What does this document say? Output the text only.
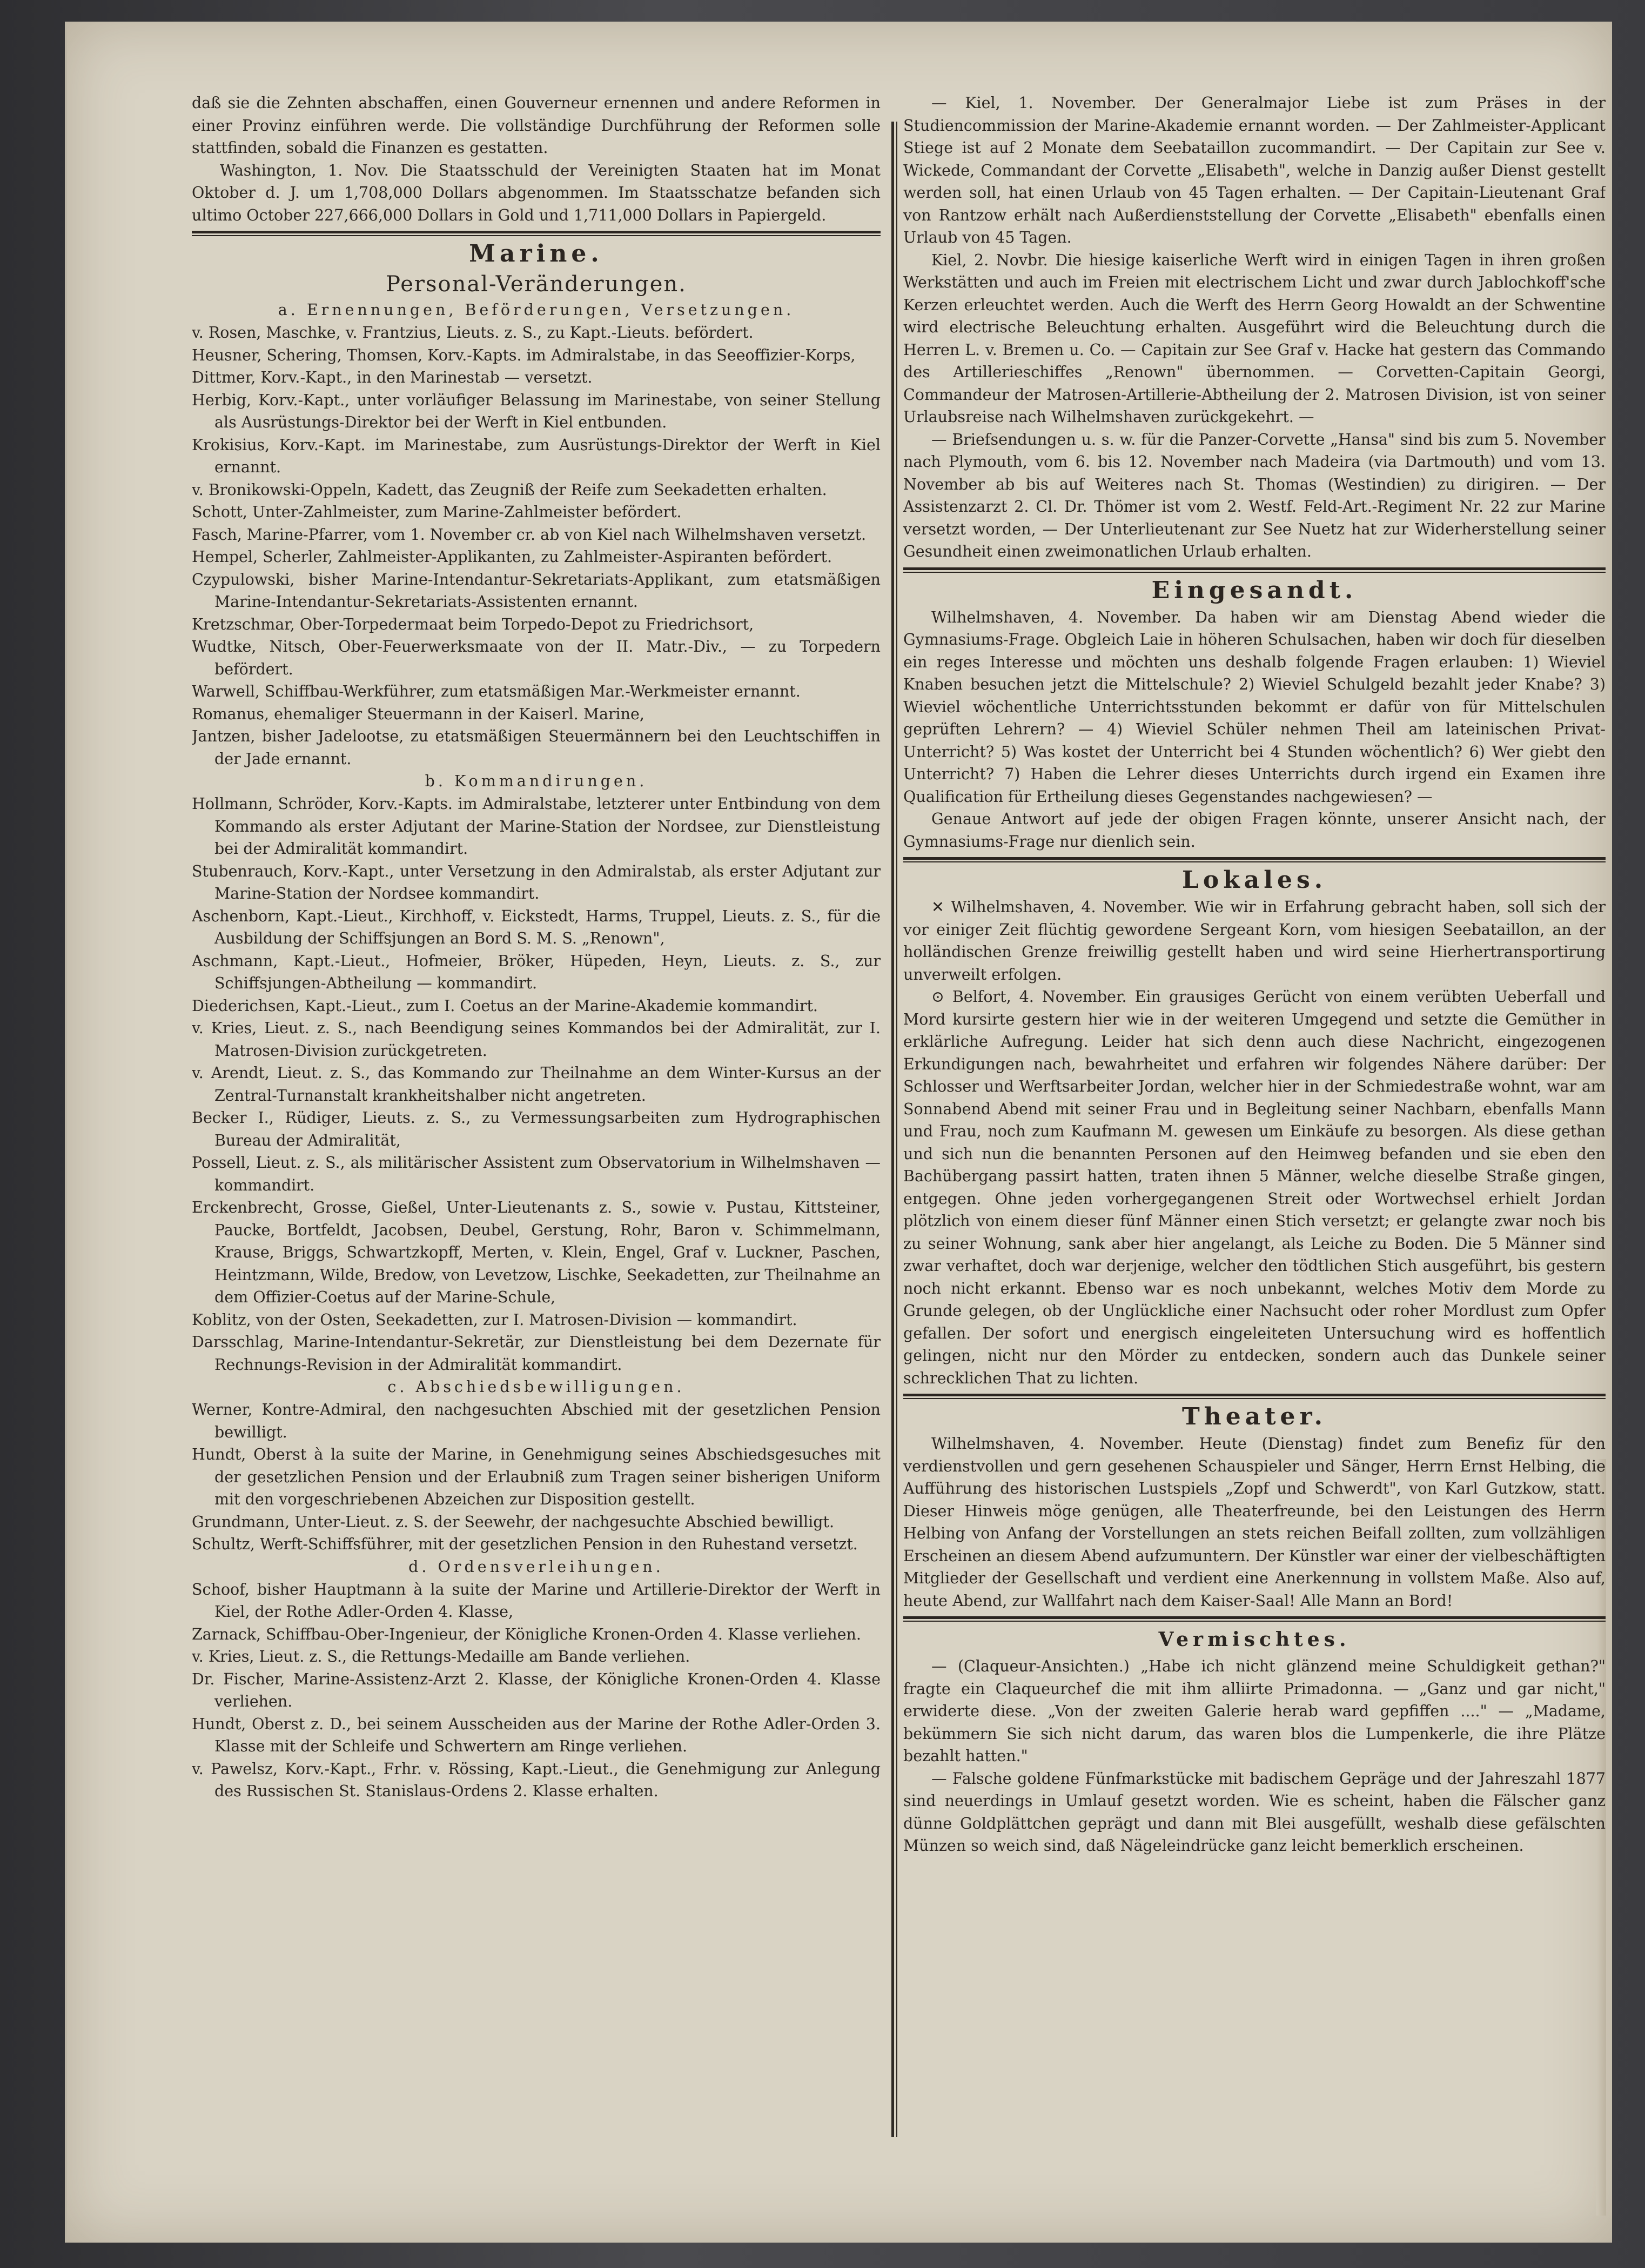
daß sie die Zehnten abschaffen, einen Gouverneur ernennen und andere Reformen in einer Provinz einführen werde. Die vollständige Durchführung der Reformen solle stattfinden, sobald die Finanzen es gestatten.

Washington, 1. Nov. Die Staatsschuld der Vereinigten Staaten hat im Monat Oktober d. J. um 1,708,000 Dollars abgenommen. Im Staatsschatze befanden sich ultimo October 227,666,000 Dollars in Gold und 1,711,000 Dollars in Papiergeld.

Marine.
Personal-Veränderungen.

a. Ernennungen, Beförderungen, Versetzungen.

v. Rosen, Maschke, v. Frantzius, Lieuts. z. S., zu Kapt.-Lieuts. befördert.

Heusner, Schering, Thomsen, Korv.-Kapts. im Admiralstabe, in das Seeoffizier-Korps,

Dittmer, Korv.-Kapt., in den Marinestab — versetzt.

Herbig, Korv.-Kapt., unter vorläufiger Belassung im Marinestabe, von seiner Stellung als Ausrüstungs-Direktor bei der Werft in Kiel entbunden.

Krokisius, Korv.-Kapt. im Marinestabe, zum Ausrüstungs-Direktor der Werft in Kiel ernannt.

v. Bronikowski-Oppeln, Kadett, das Zeugniß der Reife zum Seekadetten erhalten.

Schott, Unter-Zahlmeister, zum Marine-Zahlmeister befördert.

Fasch, Marine-Pfarrer, vom 1. November cr. ab von Kiel nach Wilhelmshaven versetzt.

Hempel, Scherler, Zahlmeister-Applikanten, zu Zahlmeister-Aspiranten befördert.

Czypulowski, bisher Marine-Intendantur-Sekretariats-Applikant, zum etatsmäßigen Marine-Intendantur-Sekretariats-Assistenten ernannt.

Kretzschmar, Ober-Torpedermaat beim Torpedo-Depot zu Friedrichsort,

Wudtke, Nitsch, Ober-Feuerwerksmaate von der II. Matr.-Div., — zu Torpedern befördert.

Warwell, Schiffbau-Werkführer, zum etatsmäßigen Mar.-Werkmeister ernannt.

Romanus, ehemaliger Steuermann in der Kaiserl. Marine,

Jantzen, bisher Jadelootse, zu etatsmäßigen Steuermännern bei den Leuchtschiffen in der Jade ernannt.

b. Kommandirungen.

Hollmann, Schröder, Korv.-Kapts. im Admiralstabe, letzterer unter Entbindung von dem Kommando als erster Adjutant der Marine-Station der Nordsee, zur Dienstleistung bei der Admiralität kommandirt.

Stubenrauch, Korv.-Kapt., unter Versetzung in den Admiralstab, als erster Adjutant zur Marine-Station der Nordsee kommandirt.

Aschenborn, Kapt.-Lieut., Kirchhoff, v. Eickstedt, Harms, Truppel, Lieuts. z. S., für die Ausbildung der Schiffsjungen an Bord S. M. S. „Renown",

Aschmann, Kapt.-Lieut., Hofmeier, Bröker, Hüpeden, Heyn, Lieuts. z. S., zur Schiffsjungen-Abtheilung — kommandirt.

Diederichsen, Kapt.-Lieut., zum I. Coetus an der Marine-Akademie kommandirt.

v. Kries, Lieut. z. S., nach Beendigung seines Kommandos bei der Admiralität, zur I. Matrosen-Division zurückgetreten.

v. Arendt, Lieut. z. S., das Kommando zur Theilnahme an dem Winter-Kursus an der Zentral-Turnanstalt krankheitshalber nicht angetreten.

Becker I., Rüdiger, Lieuts. z. S., zu Vermessungsarbeiten zum Hydrographischen Bureau der Admiralität,

Possell, Lieut. z. S., als militärischer Assistent zum Observatorium in Wilhelmshaven — kommandirt.

Erckenbrecht, Grosse, Gießel, Unter-Lieutenants z. S., sowie v. Pustau, Kittsteiner, Paucke, Bortfeldt, Jacobsen, Deubel, Gerstung, Rohr, Baron v. Schimmelmann, Krause, Briggs, Schwartzkopff, Merten, v. Klein, Engel, Graf v. Luckner, Paschen, Heintzmann, Wilde, Bredow, von Levetzow, Lischke, Seekadetten, zur Theilnahme an dem Offizier-Coetus auf der Marine-Schule,

Koblitz, von der Osten, Seekadetten, zur I. Matrosen-Division — kommandirt.

Darsschlag, Marine-Intendantur-Sekretär, zur Dienstleistung bei dem Dezernate für Rechnungs-Revision in der Admiralität kommandirt.

c. Abschiedsbewilligungen.

Werner, Kontre-Admiral, den nachgesuchten Abschied mit der gesetzlichen Pension bewilligt.

Hundt, Oberst à la suite der Marine, in Genehmigung seines Abschiedsgesuches mit der gesetzlichen Pension und der Erlaubniß zum Tragen seiner bisherigen Uniform mit den vorgeschriebenen Abzeichen zur Disposition gestellt.

Grundmann, Unter-Lieut. z. S. der Seewehr, der nachgesuchte Abschied bewilligt.

Schultz, Werft-Schiffsführer, mit der gesetzlichen Pension in den Ruhestand versetzt.

d. Ordensverleihungen.

Schoof, bisher Hauptmann à la suite der Marine und Artillerie-Direktor der Werft in Kiel, der Rothe Adler-Orden 4. Klasse,

Zarnack, Schiffbau-Ober-Ingenieur, der Königliche Kronen-Orden 4. Klasse verliehen.

v. Kries, Lieut. z. S., die Rettungs-Medaille am Bande verliehen.

Dr. Fischer, Marine-Assistenz-Arzt 2. Klasse, der Königliche Kronen-Orden 4. Klasse verliehen.

Hundt, Oberst z. D., bei seinem Ausscheiden aus der Marine der Rothe Adler-Orden 3. Klasse mit der Schleife und Schwertern am Ringe verliehen.

v. Pawelsz, Korv.-Kapt., Frhr. v. Rössing, Kapt.-Lieut., die Genehmigung zur Anlegung des Russischen St. Stanislaus-Ordens 2. Klasse erhalten.

— Kiel, 1. November. Der Generalmajor Liebe ist zum Präses in der Studiencommission der Marine-Akademie ernannt worden. — Der Zahlmeister-Applicant Stiege ist auf 2 Monate dem Seebataillon zucommandirt. — Der Capitain zur See v. Wickede, Commandant der Corvette „Elisabeth", welche in Danzig außer Dienst gestellt werden soll, hat einen Urlaub von 45 Tagen erhalten. — Der Capitain-Lieutenant Graf von Rantzow erhält nach Außerdienststellung der Corvette „Elisabeth" ebenfalls einen Urlaub von 45 Tagen.

Kiel, 2. Novbr. Die hiesige kaiserliche Werft wird in einigen Tagen in ihren großen Werkstätten und auch im Freien mit electrischem Licht und zwar durch Jablochkoff'sche Kerzen erleuchtet werden. Auch die Werft des Herrn Georg Howaldt an der Schwentine wird electrische Beleuchtung erhalten. Ausgeführt wird die Beleuchtung durch die Herren L. v. Bremen u. Co. — Capitain zur See Graf v. Hacke hat gestern das Commando des Artillerieschiffes „Renown" übernommen. — Corvetten-Capitain Georgi, Commandeur der Matrosen-Artillerie-Abtheilung der 2. Matrosen Division, ist von seiner Urlaubsreise nach Wilhelmshaven zurückgekehrt. —

— Briefsendungen u. s. w. für die Panzer-Corvette „Hansa" sind bis zum 5. November nach Plymouth, vom 6. bis 12. November nach Madeira (via Dartmouth) und vom 13. November ab bis auf Weiteres nach St. Thomas (Westindien) zu dirigiren. — Der Assistenzarzt 2. Cl. Dr. Thömer ist vom 2. Westf. Feld-Art.-Regiment Nr. 22 zur Marine versetzt worden, — Der Unterlieutenant zur See Nuetz hat zur Widerherstellung seiner Gesundheit einen zweimonatlichen Urlaub erhalten.

Eingesandt.

Wilhelmshaven, 4. November. Da haben wir am Dienstag Abend wieder die Gymnasiums-Frage. Obgleich Laie in höheren Schulsachen, haben wir doch für dieselben ein reges Interesse und möchten uns deshalb folgende Fragen erlauben: 1) Wieviel Knaben besuchen jetzt die Mittelschule? 2) Wieviel Schulgeld bezahlt jeder Knabe? 3) Wieviel wöchentliche Unterrichtsstunden bekommt er dafür von für Mittelschulen geprüften Lehrern? — 4) Wieviel Schüler nehmen Theil am lateinischen Privat-Unterricht? 5) Was kostet der Unterricht bei 4 Stunden wöchentlich? 6) Wer giebt den Unterricht? 7) Haben die Lehrer dieses Unterrichts durch irgend ein Examen ihre Qualification für Ertheilung dieses Gegenstandes nachgewiesen? —

Genaue Antwort auf jede der obigen Fragen könnte, unserer Ansicht nach, der Gymnasiums-Frage nur dienlich sein.

Lokales.

✕ Wilhelmshaven, 4. November. Wie wir in Erfahrung gebracht haben, soll sich der vor einiger Zeit flüchtig gewordene Sergeant Korn, vom hiesigen Seebataillon, an der holländischen Grenze freiwillig gestellt haben und wird seine Hierhertransportirung unverweilt erfolgen.

⊙ Belfort, 4. November. Ein grausiges Gerücht von einem verübten Ueberfall und Mord kursirte gestern hier wie in der weiteren Umgegend und setzte die Gemüther in erklärliche Aufregung. Leider hat sich denn auch diese Nachricht, eingezogenen Erkundigungen nach, bewahrheitet und erfahren wir folgendes Nähere darüber: Der Schlosser und Werftsarbeiter Jordan, welcher hier in der Schmiedestraße wohnt, war am Sonnabend Abend mit seiner Frau und in Begleitung seiner Nachbarn, ebenfalls Mann und Frau, noch zum Kaufmann M. gewesen um Einkäufe zu besorgen. Als diese gethan und sich nun die benannten Personen auf den Heimweg befanden und sie eben den Bachübergang passirt hatten, traten ihnen 5 Männer, welche dieselbe Straße gingen, entgegen. Ohne jeden vorhergegangenen Streit oder Wortwechsel erhielt Jordan plötzlich von einem dieser fünf Männer einen Stich versetzt; er gelangte zwar noch bis zu seiner Wohnung, sank aber hier angelangt, als Leiche zu Boden. Die 5 Männer sind zwar verhaftet, doch war derjenige, welcher den tödtlichen Stich ausgeführt, bis gestern noch nicht erkannt. Ebenso war es noch unbekannt, welches Motiv dem Morde zu Grunde gelegen, ob der Unglückliche einer Nachsucht oder roher Mordlust zum Opfer gefallen. Der sofort und energisch eingeleiteten Untersuchung wird es hoffentlich gelingen, nicht nur den Mörder zu entdecken, sondern auch das Dunkele seiner schrecklichen That zu lichten.

Theater.

Wilhelmshaven, 4. November. Heute (Dienstag) findet zum Benefiz für den verdienstvollen und gern gesehenen Schauspieler und Sänger, Herrn Ernst Helbing, die Aufführung des historischen Lustspiels „Zopf und Schwerdt", von Karl Gutzkow, statt. Dieser Hinweis möge genügen, alle Theaterfreunde, bei den Leistungen des Herrn Helbing von Anfang der Vorstellungen an stets reichen Beifall zollten, zum vollzähligen Erscheinen an diesem Abend aufzumuntern. Der Künstler war einer der vielbeschäftigten Mitglieder der Gesellschaft und verdient eine Anerkennung in vollstem Maße. Also auf, heute Abend, zur Wallfahrt nach dem Kaiser-Saal! Alle Mann an Bord!

Vermischtes.

— (Claqueur-Ansichten.) „Habe ich nicht glänzend meine Schuldigkeit gethan?" fragte ein Claqueurchef die mit ihm alliirte Primadonna. — „Ganz und gar nicht," erwiderte diese. „Von der zweiten Galerie herab ward gepfiffen ...." — „Madame, bekümmern Sie sich nicht darum, das waren blos die Lumpenkerle, die ihre Plätze bezahlt hatten."

— Falsche goldene Fünfmarkstücke mit badischem Gepräge und der Jahreszahl 1877 sind neuerdings in Umlauf gesetzt worden. Wie es scheint, haben die Fälscher ganz dünne Goldplättchen geprägt und dann mit Blei ausgefüllt, weshalb diese gefälschten Münzen so weich sind, daß Nägeleindrücke ganz leicht bemerklich erscheinen.
